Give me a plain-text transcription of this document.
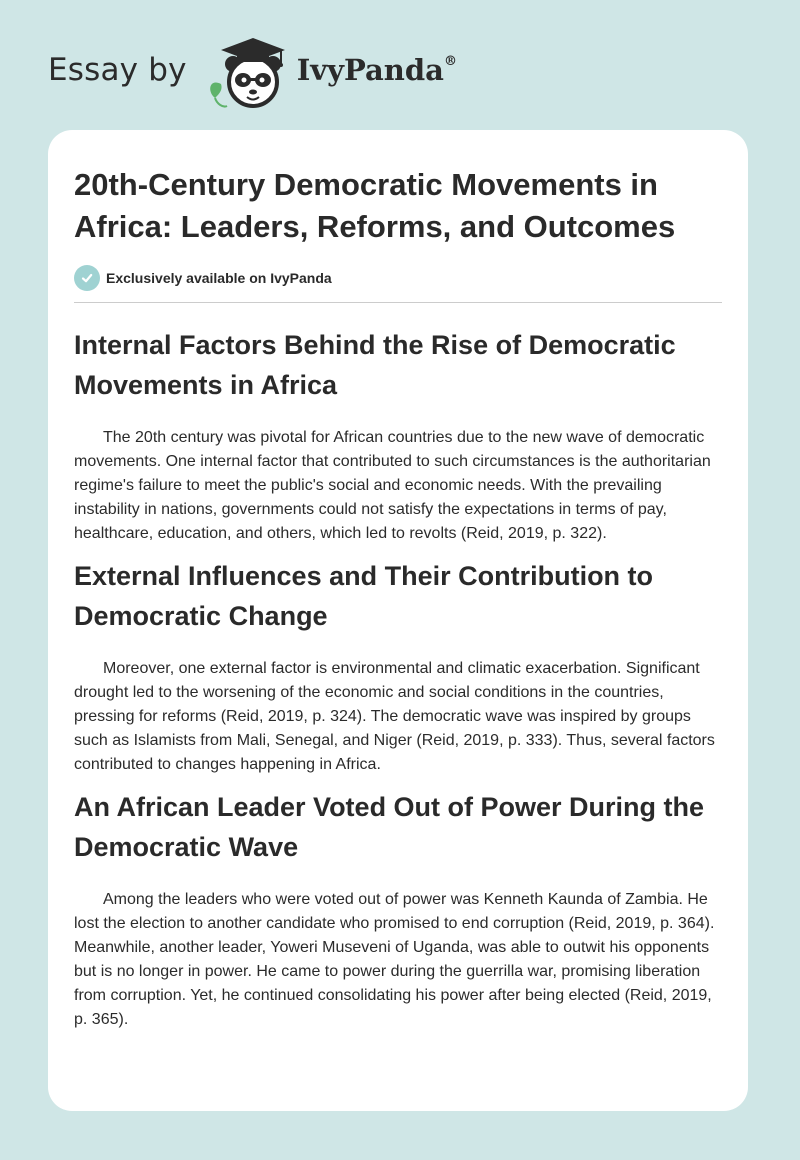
Essay by	IvyPanda®
20th-Century Democratic Movements in Africa: Leaders, Reforms, and Outcomes
Exclusively available on IvyPanda
Internal Factors Behind the Rise of Democratic Movements in Africa

The 20th century was pivotal for African countries due to the new wave of democratic movements. One internal factor that contributed to such circumstances is the authoritarian regime's failure to meet the public's social and economic needs. With the prevailing instability in nations, governments could not satisfy the expectations in terms of pay, healthcare, education, and others, which led to revolts (Reid, 2019, p. 322).

External Influences and Their Contribution to Democratic Change

Moreover, one external factor is environmental and climatic exacerbation. Significant drought led to the worsening of the economic and social conditions in the countries, pressing for reforms (Reid, 2019, p. 324). The democratic wave was inspired by groups such as Islamists from Mali, Senegal, and Niger (Reid, 2019, p. 333). Thus, several factors contributed to changes happening in Africa.

An African Leader Voted Out of Power During the Democratic Wave

Among the leaders who were voted out of power was Kenneth Kaunda of Zambia. He lost the election to another candidate who promised to end corruption (Reid, 2019, p. 364). Meanwhile, another leader, Yoweri Museveni of Uganda, was able to outwit his opponents but is no longer in power. He came to power during the guerrilla war, promising liberation from corruption. Yet, he continued consolidating his power after being elected (Reid, 2019, p. 365).
